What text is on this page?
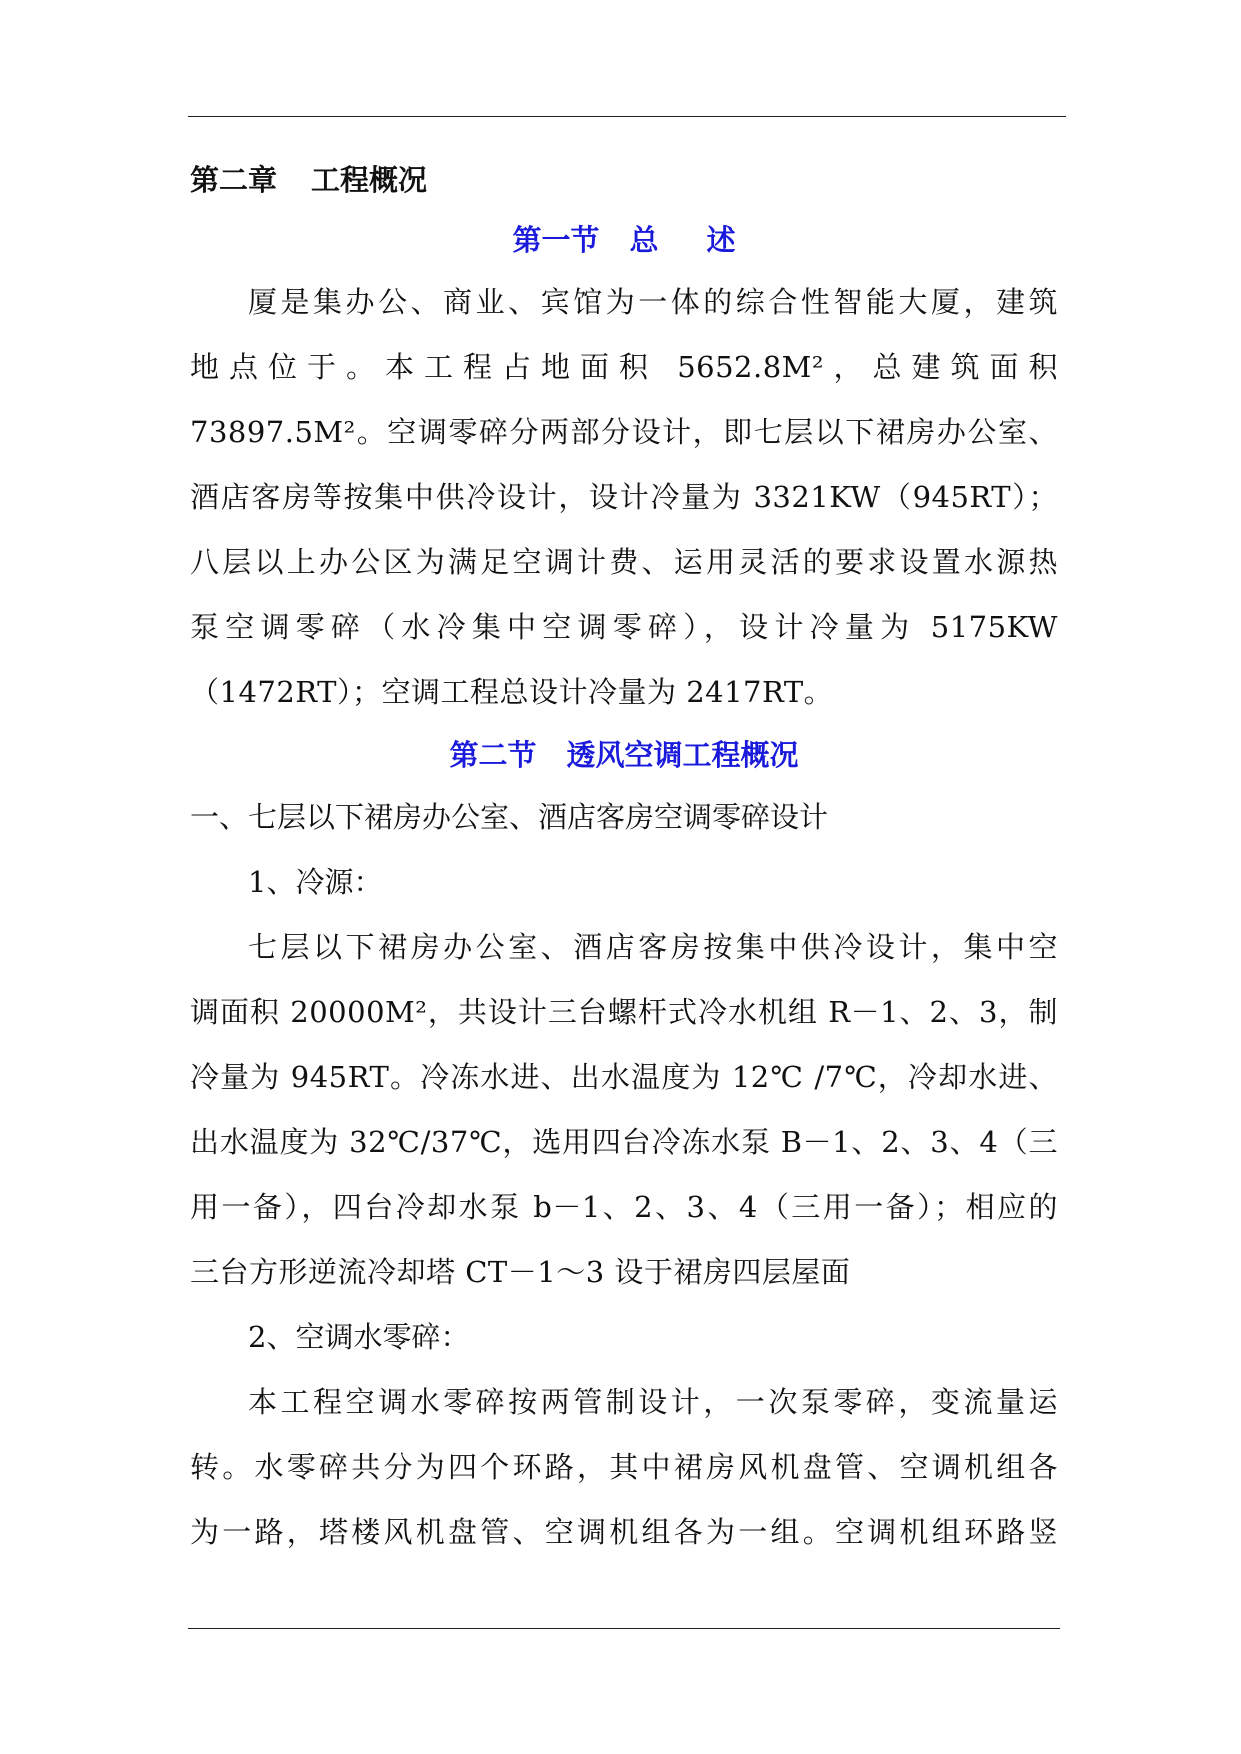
第二章 工程概况

第一节 总 述

厦是集办公、商业、宾馆为一体的综合性智能大厦，建筑
地点位于。本工程占地面积 5652.8M²，总建筑面积
73897.5M²。空调零碎分两部分设计，即七层以下裙房办公室、
酒店客房等按集中供冷设计，设计冷量为 3321KW（945RT）；
八层以上办公区为满足空调计费、运用灵活的要求设置水源热
泵空调零碎（水冷集中空调零碎），设计冷量为 5175KW
（1472RT）；空调工程总设计冷量为 2417RT。

第二节 透风空调工程概况

一、七层以下裙房办公室、酒店客房空调零碎设计

1、冷源：

七层以下裙房办公室、酒店客房按集中供冷设计，集中空
调面积 20000M²，共设计三台螺杆式冷水机组 R－1、2、3，制
冷量为 945RT。冷冻水进、出水温度为 12℃ /7℃，冷却水进、
出水温度为 32℃/37℃，选用四台冷冻水泵 B－1、2、3、4（三
用一备），四台冷却水泵 b－1、2、3、4（三用一备）；相应的
三台方形逆流冷却塔 CT－1～3 设于裙房四层屋面

2、空调水零碎：

本工程空调水零碎按两管制设计，一次泵零碎，变流量运
转。水零碎共分为四个环路，其中裙房风机盘管、空调机组各
为一路，塔楼风机盘管、空调机组各为一组。空调机组环路竖
